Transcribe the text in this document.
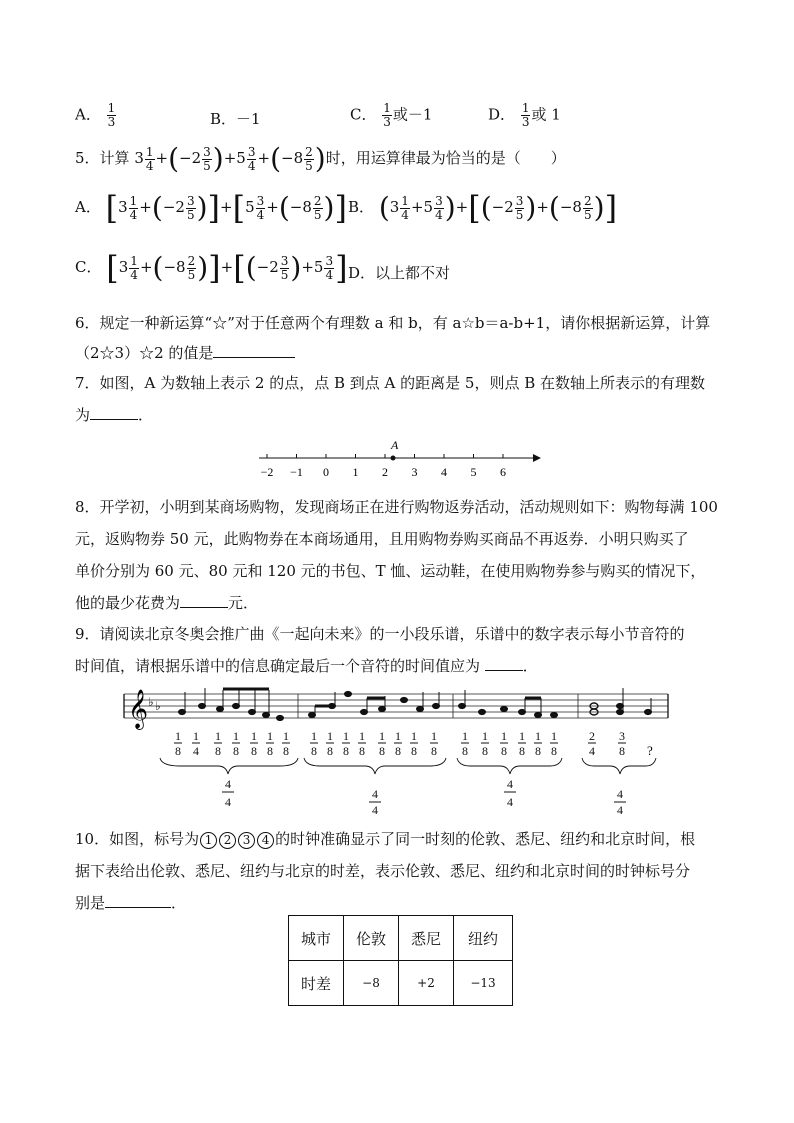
A． $\frac{1}{3}$	B．－1	C． $\frac{1}{3}$ 或－1	D． $\frac{1}{3}$ 或 1
5．计算 $3 \frac{1}{4} +(-2 \frac{3}{5} )+5 \frac{3}{4} +(-8 \frac{2}{5}$ )时，用运算律最为恰当的是（　　）
A． $[3 \frac{1}{4} +(-2 \frac{3}{5} )]+[5 \frac{3}{4} +(-8 \frac{2}{5}$ )] B． $(3 \frac{1}{4} +5 \frac{3}{4} )+[(-2 \frac{3}{5} )+(-8 \frac{2}{5}$ )]
C． $[3 \frac{1}{4} +(-8 \frac{2}{5} )]+[(-2 \frac{3}{5} )+5 \frac{3}{4}$ ] D．以上都不对
6．规定一种新运算“☆”对于任意两个有理数 a 和 b，有 a☆b＝a-b+1，请你根据新运算，计算
（2☆3）☆2 的值是
7．如图，A 为数轴上表示 2 的点，点 B 到点 A 的距离是 5，则点 B 在数轴上所表示的有理数
为	．
−2 −1 0 1 2 3 4 5 6
A
8．开学初，小明到某商场购物，发现商场正在进行购物返券活动，活动规则如下：购物每满 100
元，返购物券 50 元，此购物券在本商场通用，且用购物券购买商品不再返券．小明只购买了
单价分别为 60 元、80 元和 120 元的书包、T 恤、运动鞋，在使用购物券参与购买的情况下，
他的最少花费为	元．
9．请阅读北京冬奥会推广曲《一起向未来》的一小段乐谱，乐谱中的数字表示每小节音符的
时间值，请根据乐谱中的信息确定最后一个音符的时间值应为	．
𝄞 ♭ ♭
1
8
1
4
1
8
1
8
1
8
1
8
1
8
1
8
1
8
1
8
1
8
1
8
1
8
1
8
1
8
1
8
1
8
1
8
1
8
1
8
1
8
2
4
3
8
4
4
4
4
4
4
4
4
?
10．如图，标号为 1 2 3 4 的时钟准确显示了同一时刻的伦敦、悉尼、纽约和北京时间，根
据下表给出伦敦、悉尼、纽约与北京的时差，表示伦敦、悉尼、纽约和北京时间的时钟标号分
别是	．
城市	伦敦	悉尼	纽约
时差	−8	+2	−13
